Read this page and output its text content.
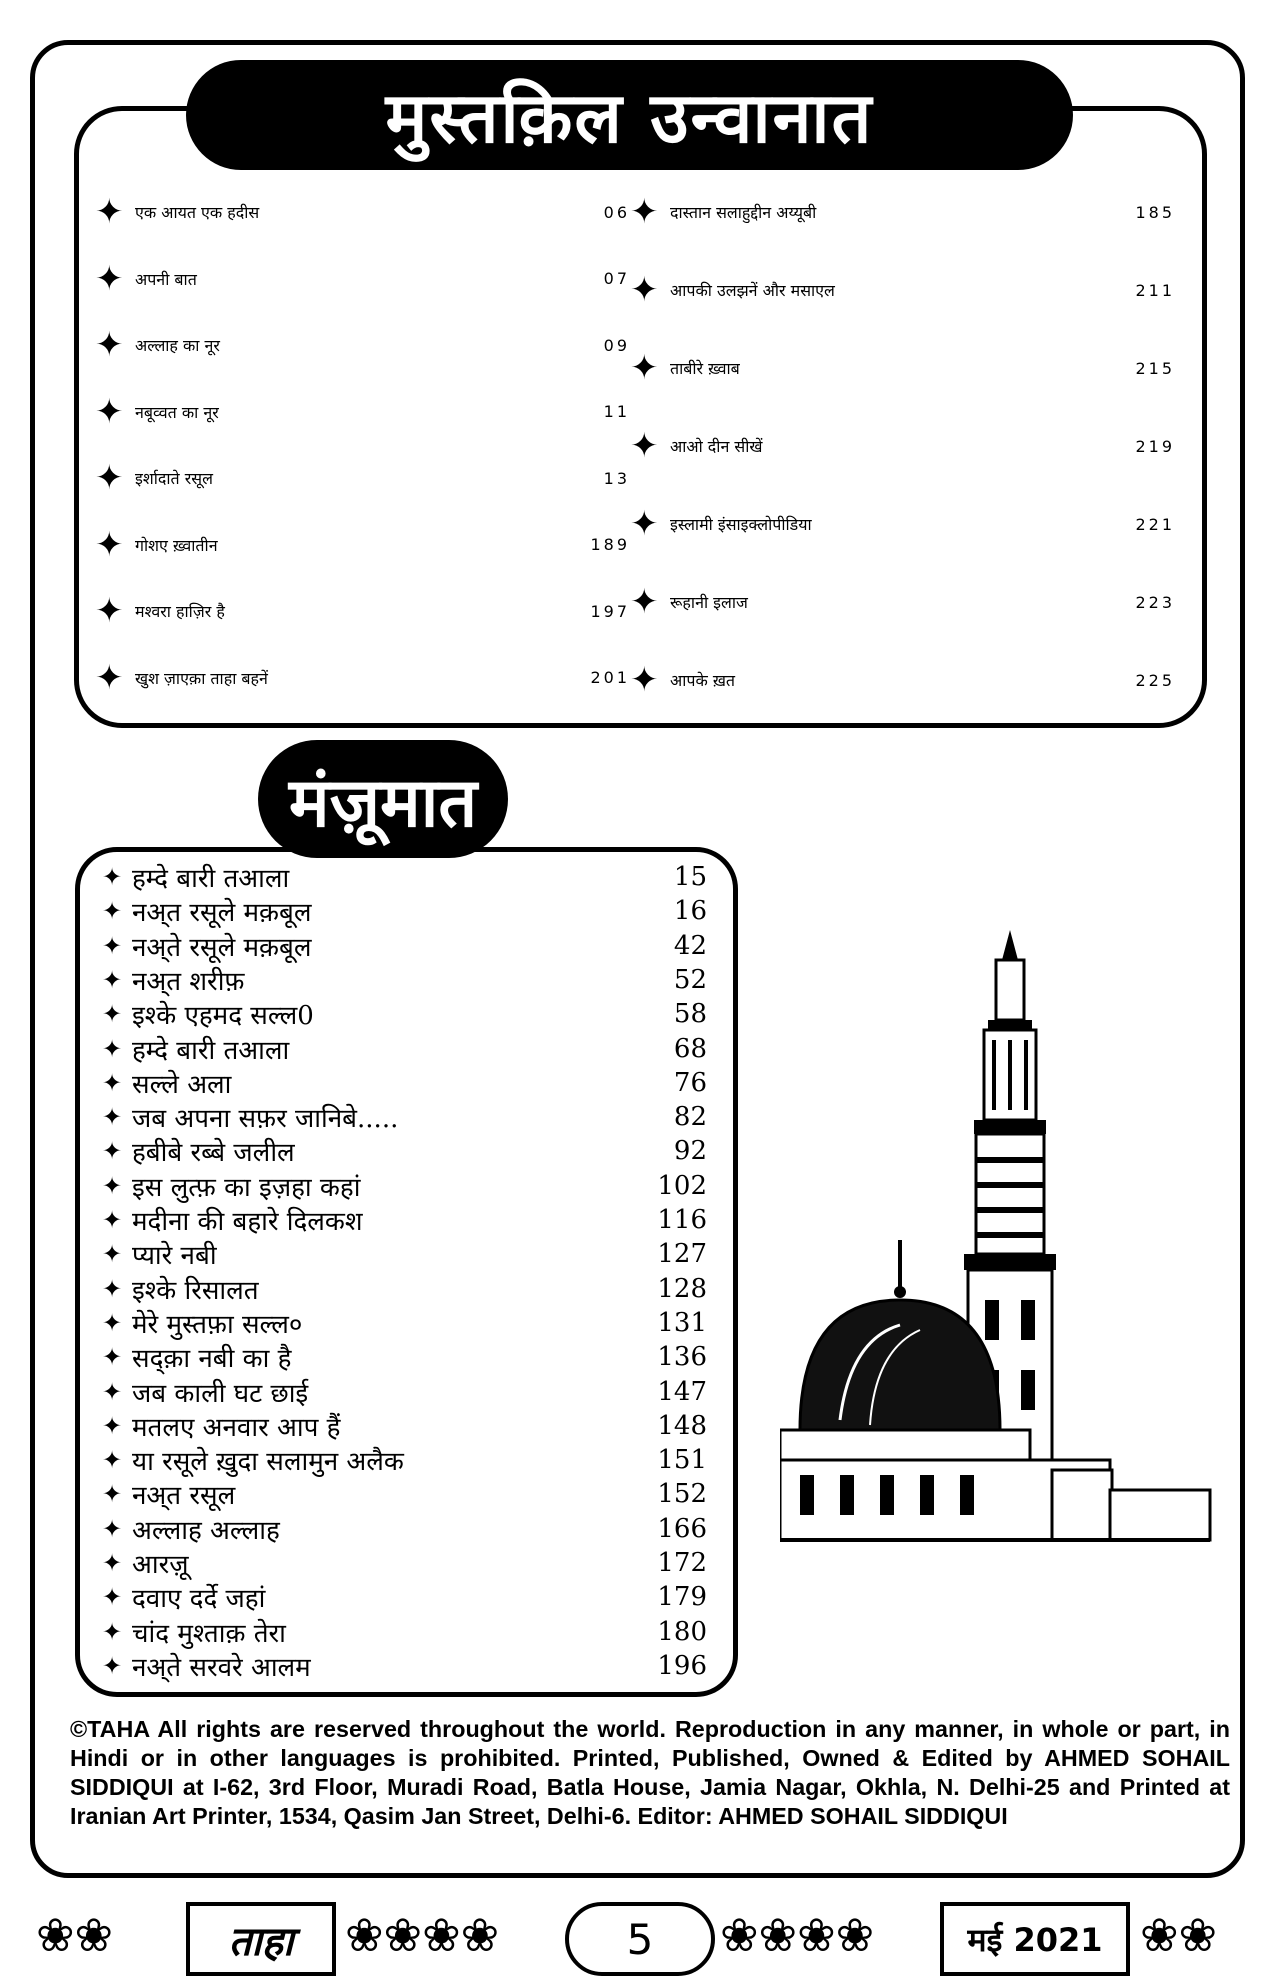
मुस्तक़िल उन्वानात
✦ एक आयत एक हदीस	06
✦ अपनी बात	07
✦ अल्लाह का नूर	09
✦ नबूव्वत का नूर	11
✦ इर्शादाते रसूल	13
✦ गोशए ख़्वातीन	189
✦ मश्वरा हाज़िर है	197
✦ खुश ज़ाएक़ा ताहा बहनें	201
✦ दास्तान सलाहुद्दीन अय्यूबी	185
✦ आपकी उलझनें और मसाएल	211
✦ ताबीरे ख़्वाब	215
✦ आओ दीन सीखें	219
✦ इस्लामी इंसाइक्लोपीडिया	221
✦ रूहानी इलाज	223
✦ आपके ख़त	225
मंज़ूमात
✦ हम्दे बारी तआला	15
✦ नअ्त रसूले मक़बूल	16
✦ नअ्ते रसूले मक़बूल	42
✦ नअ्त शरीफ़	52
✦ इश्के एहमद सल्ल0	58
✦ हम्दे बारी तआला	68
✦ सल्ले अला	76
✦ जब अपना सफ़र जानिबे.....	82
✦ हबीबे रब्बे जलील	92
✦ इस लुत्फ़ का इज़हा कहां	102
✦ मदीना की बहारे दिलकश	116
✦ प्यारे नबी	127
✦ इश्के रिसालत	128
✦ मेरे मुस्तफ़ा सल्ल०	131
✦ सद्क़ा नबी का है	136
✦ जब काली घट छाई	147
✦ मतलए अनवार आप हैं	148
✦ या रसूले ख़ुदा सलामुन अलैक	151
✦ नअ्त रसूल	152
✦ अल्लाह अल्लाह	166
✦ आरज़ू	172
✦ दवाए दर्दे जहां	179
✦ चांद मुश्ताक़ तेरा	180
✦ नअ्ते सरवरे आलम	196

©TAHA All rights are reserved throughout the world. Reproduction in any manner, in whole or part, in Hindi or in other languages is prohibited. Printed, Published, Owned & Edited by AHMED SOHAIL SIDDIQUI at I-62, 3rd Floor, Muradi Road, Batla House, Jamia Nagar, Okhla, N. Delhi-25 and Printed at Iranian Art Printer, 1534, Qasim Jan Street, Delhi-6. Editor: AHMED SOHAIL SIDDIQUI

❀❀	❀❀❀❀	❀❀❀❀	❀❀
ताहा	5	मई 2021
